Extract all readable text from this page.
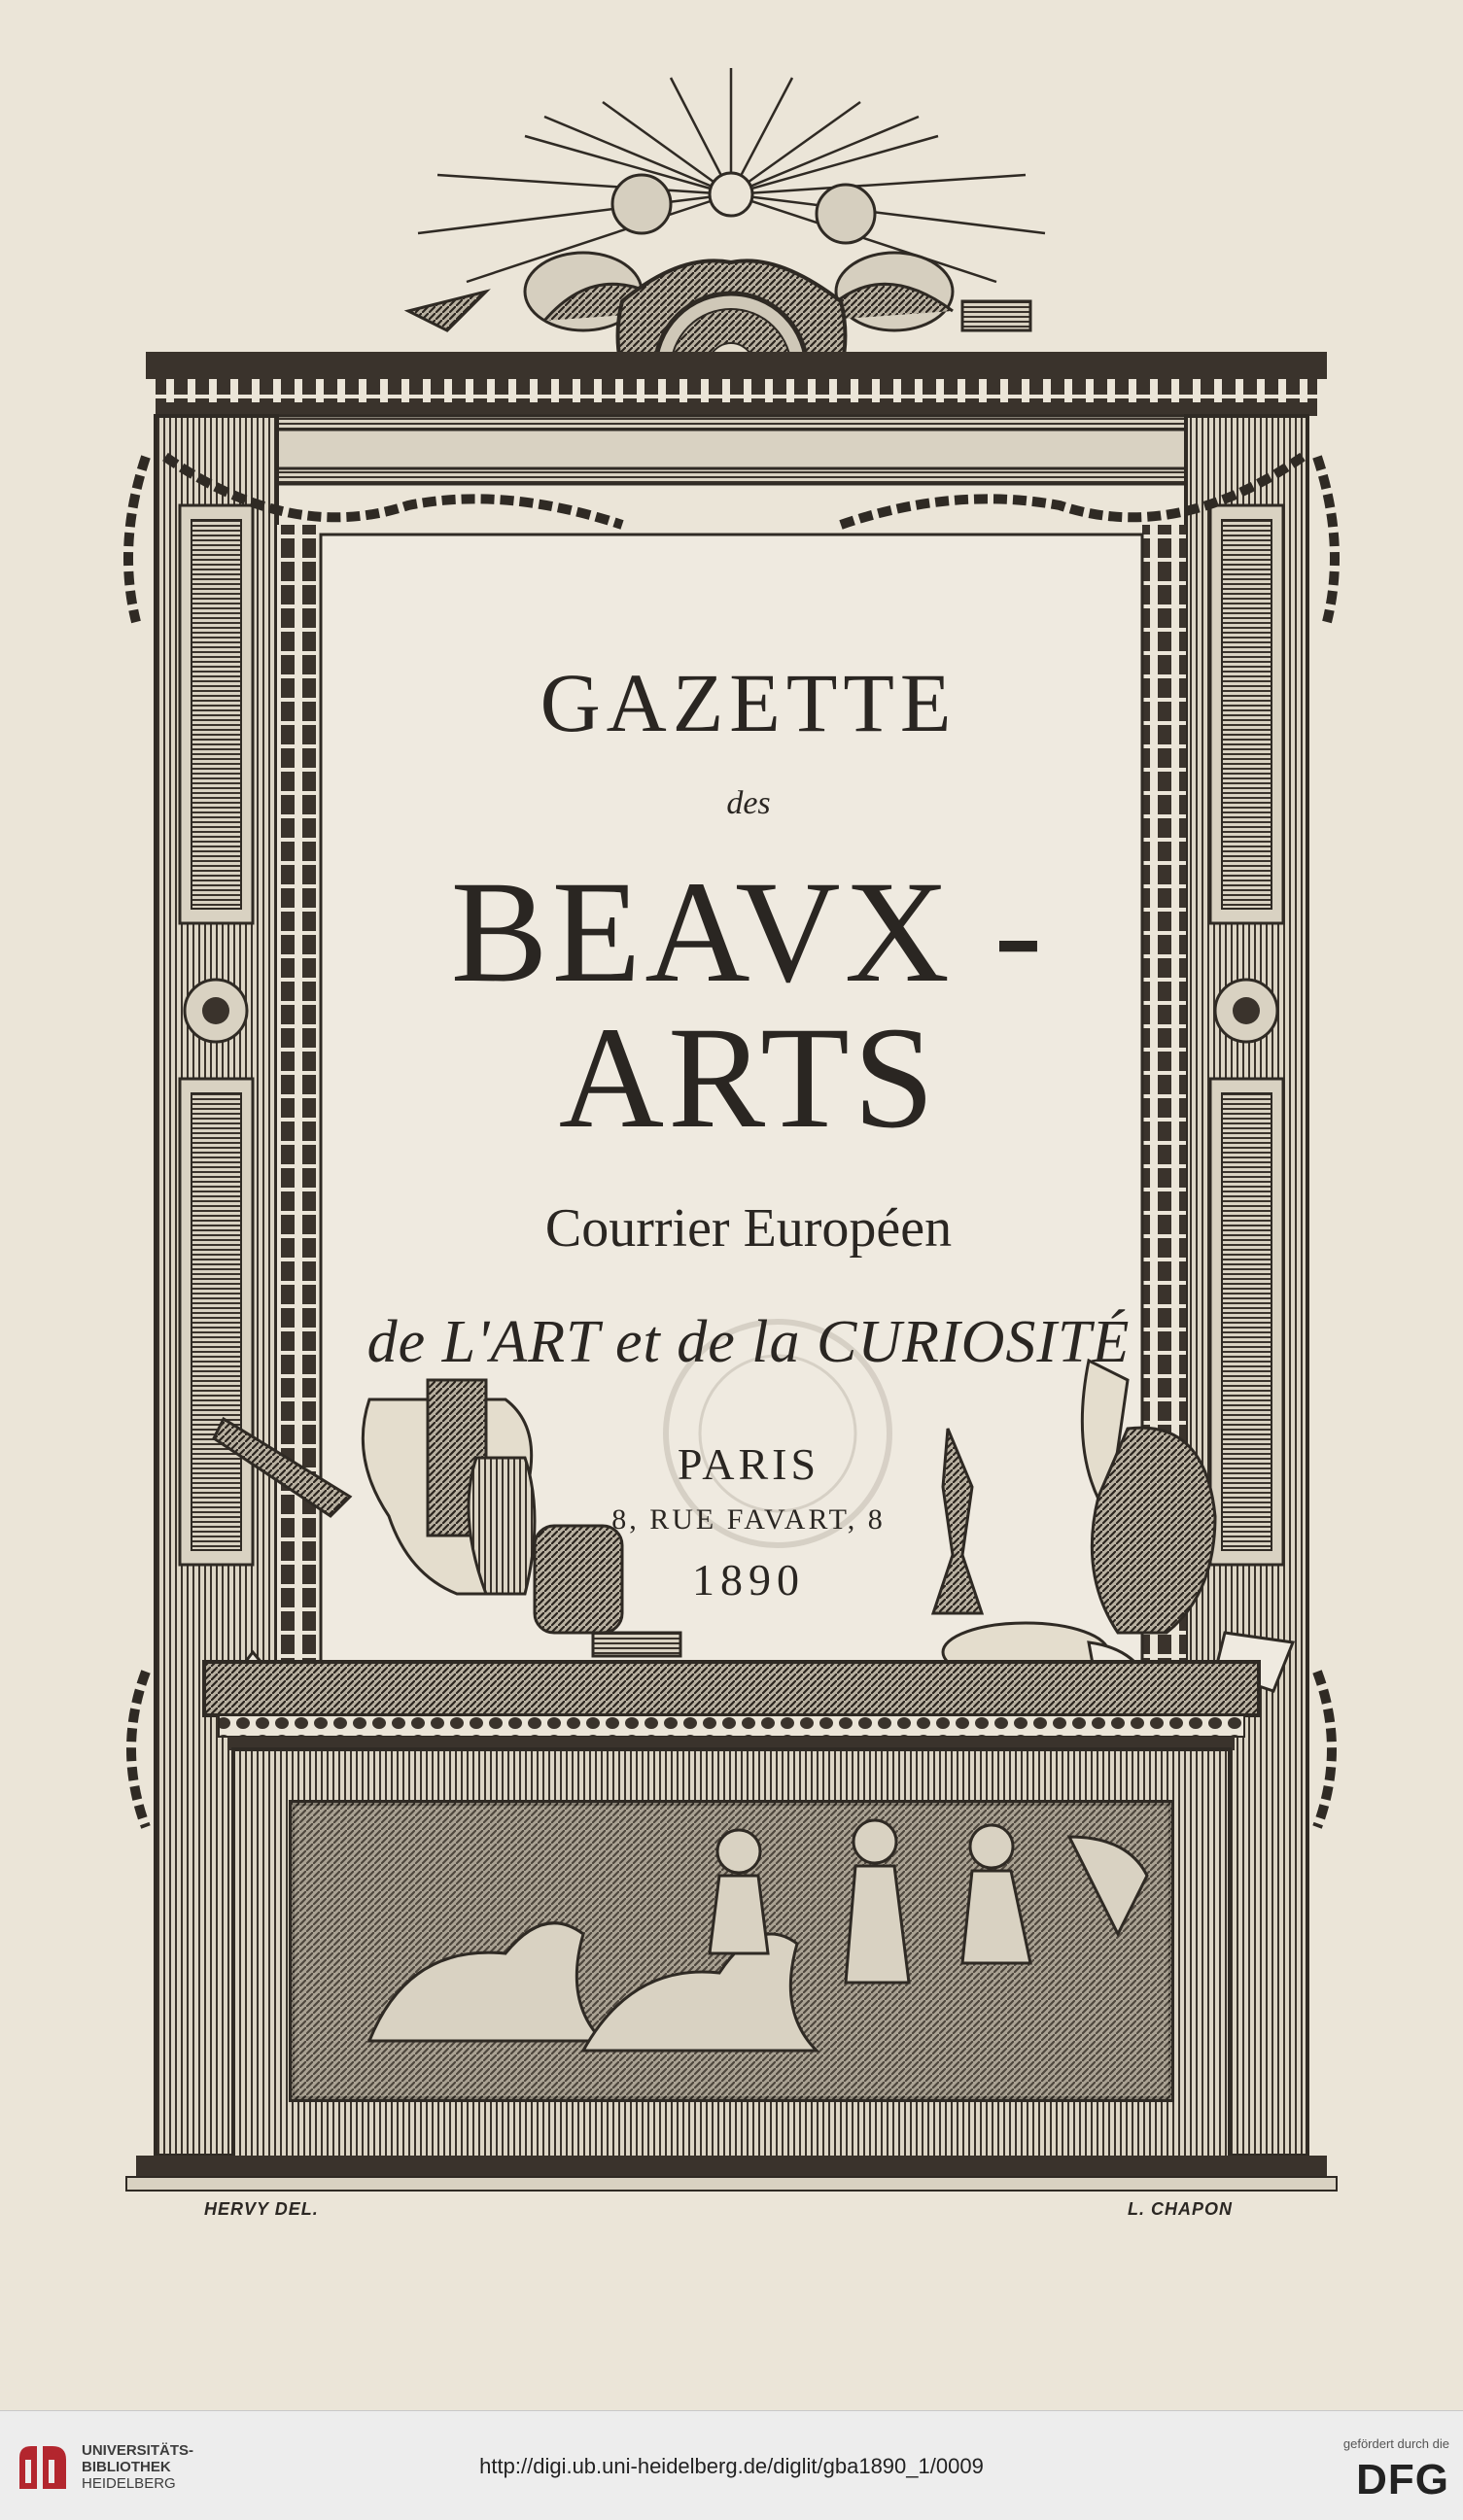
GAZETTE
des
BEAVX - ARTS
Courrier Européen
de L'ART et de la CURIOSITÉ
PARIS
8, RUE FAVART, 8
1890
HERVY DEL.	L. CHAPON
UNIVERSITÄTS-
BIBLIOTHEK
HEIDELBERG
http://digi.ub.uni-heidelberg.de/diglit/gba1890_1/0009
gefördert durch die
DFG
